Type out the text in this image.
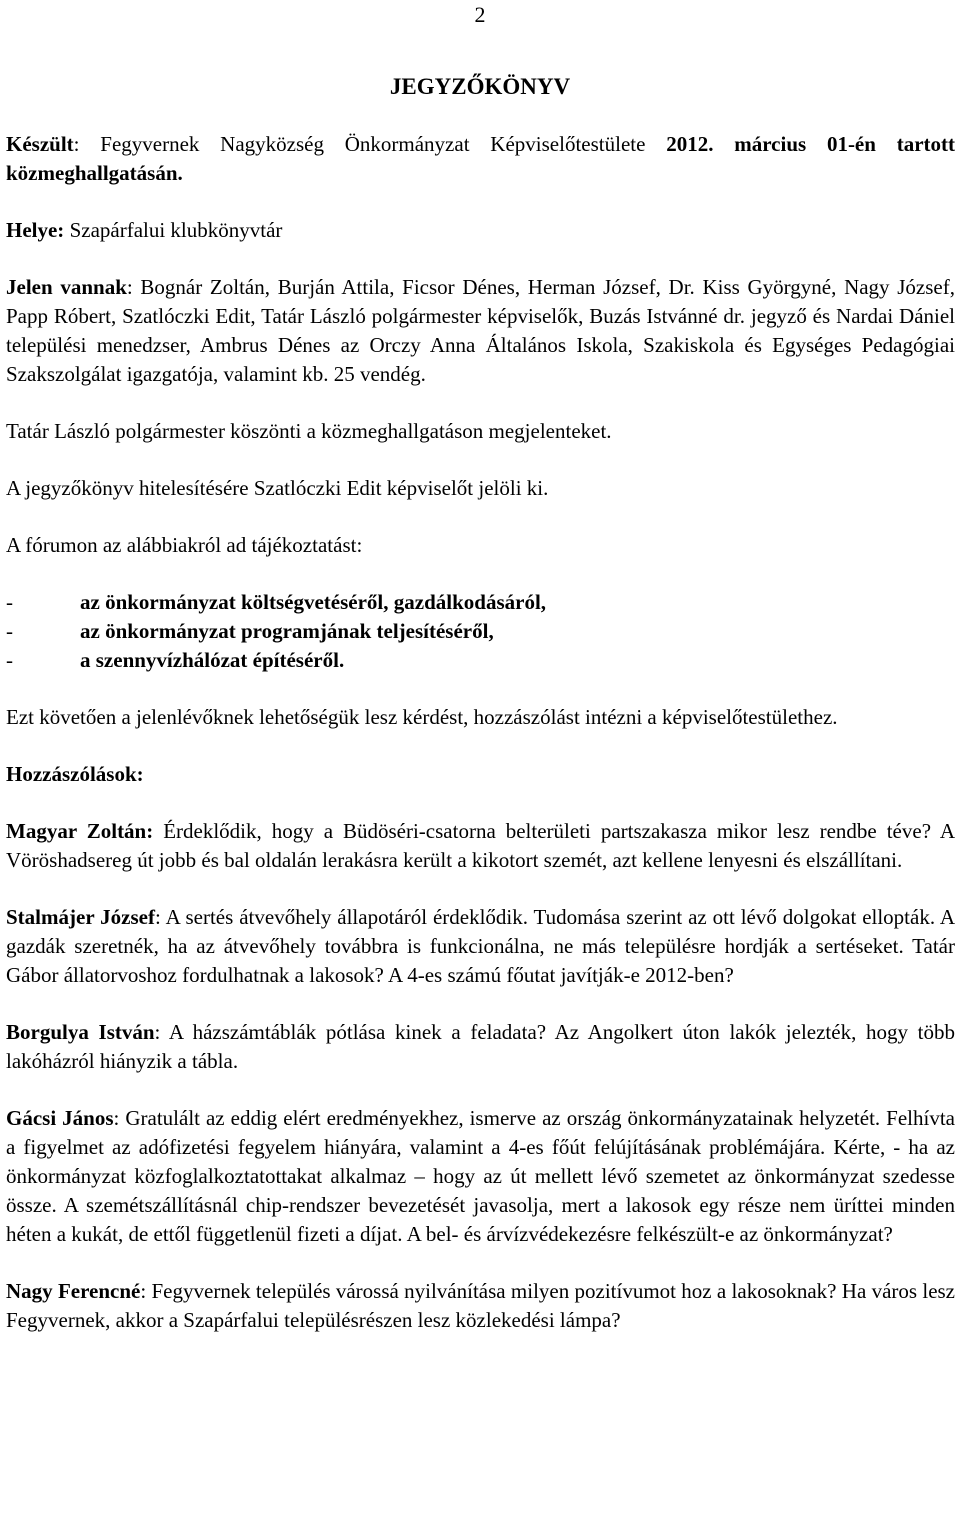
2
JEGYZŐKÖNYV

Készült: Fegyvernek Nagyközség Önkormányzat Képviselőtestülete 2012. március 01-én tartott közmeghallgatásán.

Helye: Szapárfalui klubkönyvtár

Jelen vannak: Bognár Zoltán, Burján Attila, Ficsor Dénes, Herman József, Dr. Kiss Györgyné, Nagy József, Papp Róbert, Szatlóczki Edit, Tatár László polgármester képviselők, Buzás Istvánné dr. jegyző és Nardai Dániel települési menedzser, Ambrus Dénes az Orczy Anna Általános Iskola, Szakiskola és Egységes Pedagógiai Szakszolgálat igazgatója, valamint kb. 25 vendég.

Tatár László polgármester köszönti a közmeghallgatáson megjelenteket.

A jegyzőkönyv hitelesítésére Szatlóczki Edit képviselőt jelöli ki.

A fórumon az alábbiakról ad tájékoztatást:

-	az önkormányzat költségvetéséről, gazdálkodásáról,
-	az önkormányzat programjának teljesítéséről,
-	a szennyvízhálózat építéséről.

Ezt követően a jelenlévőknek lehetőségük lesz kérdést, hozzászólást intézni a képviselőtestülethez.

Hozzászólások:

Magyar Zoltán: Érdeklődik, hogy a Büdöséri-csatorna belterületi partszakasza mikor lesz rendbe téve? A Vöröshadsereg út jobb és bal oldalán lerakásra került a kikotort szemét, azt kellene lenyesni és elszállítani.

Stalmájer József: A sertés átvevőhely állapotáról érdeklődik. Tudomása szerint az ott lévő dolgokat ellopták. A gazdák szeretnék, ha az átvevőhely továbbra is funkcionálna, ne más településre hordják a sertéseket. Tatár Gábor állatorvoshoz fordulhatnak a lakosok? A 4-es számú főutat javítják-e 2012-ben?

Borgulya István: A házszámtáblák pótlása kinek a feladata? Az Angolkert úton lakók jelezték, hogy több lakóházról hiányzik a tábla.

Gácsi János: Gratulált az eddig elért eredményekhez, ismerve az ország önkormányzatainak helyzetét. Felhívta a figyelmet az adófizetési fegyelem hiányára, valamint a 4-es főút felújításának problémájára. Kérte, - ha az önkormányzat közfoglalkoztatottakat alkalmaz – hogy az út mellett lévő szemetet az önkormányzat szedesse össze. A szemétszállításnál chip-rendszer bevezetését javasolja, mert a lakosok egy része nem üríttei minden héten a kukát, de ettől függetlenül fizeti a díjat. A bel- és árvízvédekezésre felkészült-e az önkormányzat?

Nagy Ferencné: Fegyvernek település várossá nyilvánítása milyen pozitívumot hoz a lakosoknak? Ha város lesz Fegyvernek, akkor a Szapárfalui településrészen lesz közlekedési lámpa?
